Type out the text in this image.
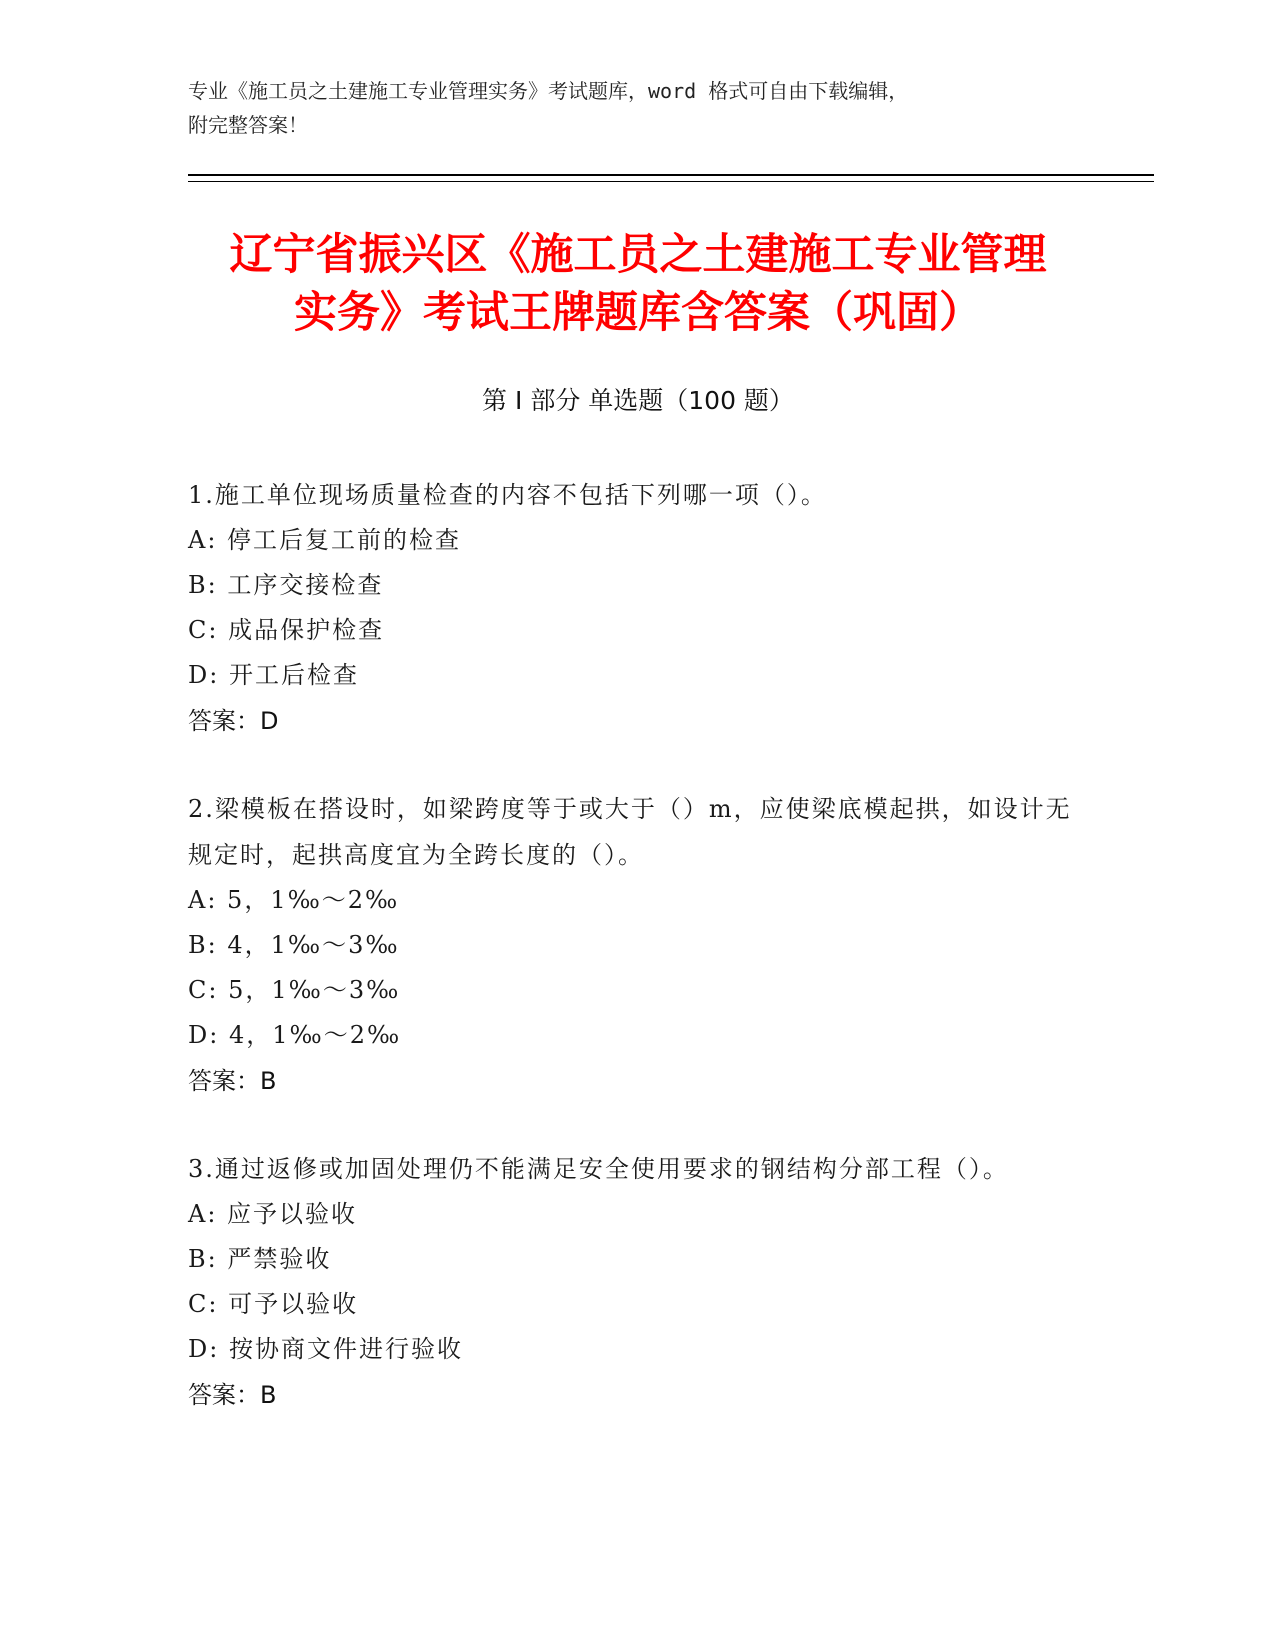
专业《施工员之土建施工专业管理实务》考试题库，word 格式可自由下载编辑，
附完整答案！
辽宁省振兴区《施工员之土建施工专业管理
实务》考试王牌题库含答案（巩固）
第 I 部分 单选题（100 题）

1.施工单位现场质量检查的内容不包括下列哪一项（）。

A: 停工后复工前的检查

B: 工序交接检查

C: 成品保护检查

D: 开工后检查

答案：D

2.梁模板在搭设时，如梁跨度等于或大于（）m，应使梁底模起拱，如设计无规定时，起拱高度宜为全跨长度的（）。

A: 5，1‰～2‰

B: 4，1‰～3‰

C: 5，1‰～3‰

D: 4，1‰～2‰

答案：B

3.通过返修或加固处理仍不能满足安全使用要求的钢结构分部工程（）。

A: 应予以验收

B: 严禁验收

C: 可予以验收

D: 按协商文件进行验收

答案：B
